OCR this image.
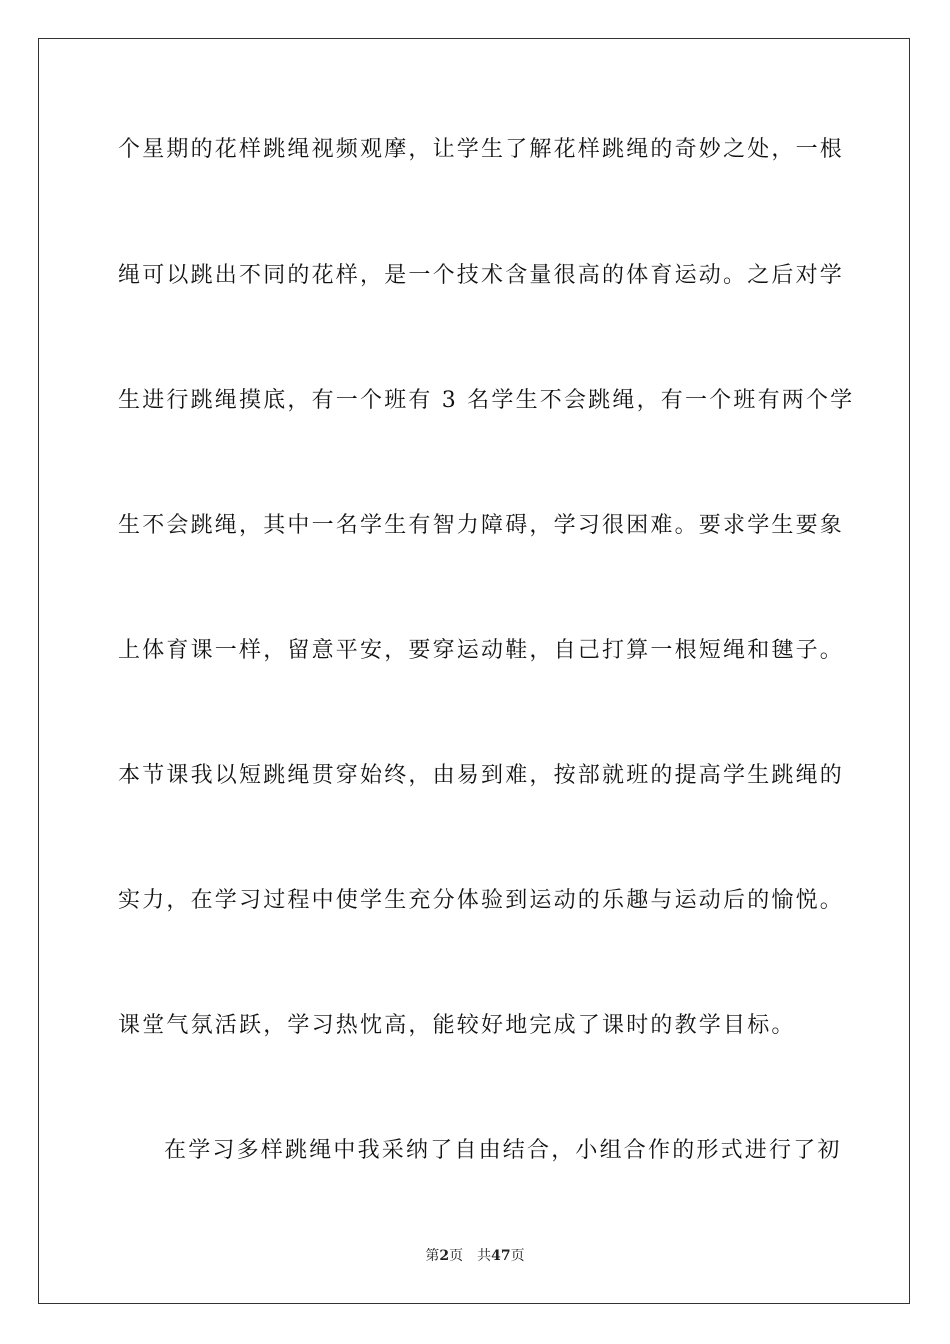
个星期的花样跳绳视频观摩，让学生了解花样跳绳的奇妙之处，一根
绳可以跳出不同的花样，是一个技术含量很高的体育运动。之后对学
生进行跳绳摸底，有一个班有 3 名学生不会跳绳，有一个班有两个学
生不会跳绳，其中一名学生有智力障碍，学习很困难。要求学生要象
上体育课一样，留意平安，要穿运动鞋，自己打算一根短绳和毽子。
本节课我以短跳绳贯穿始终，由易到难，按部就班的提高学生跳绳的
实力，在学习过程中使学生充分体验到运动的乐趣与运动后的愉悦。
课堂气氛活跃，学习热忱高，能较好地完成了课时的教学目标。
在学习多样跳绳中我采纳了自由结合，小组合作的形式进行了初
第2页 共47页
